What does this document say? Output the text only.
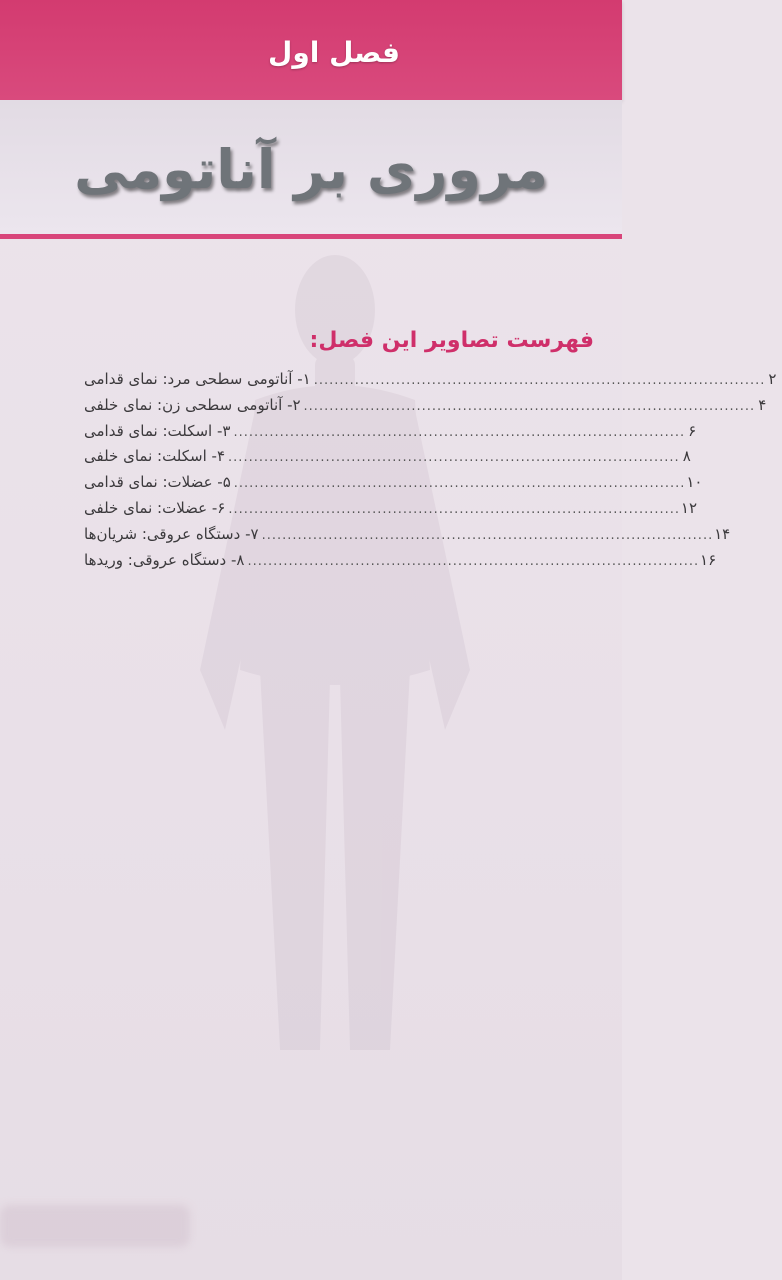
فصل اول
مروری بر آناتومی
فهرست تصاویر این فصل:
۱- آناتومی سطحی مرد: نمای قدامی ........................................................................................ ۲
۲- آناتومی سطحی زن: نمای خلفی ........................................................................................ ۴
۳- اسکلت: نمای قدامی ........................................................................................ ۶
۴- اسکلت: نمای خلفی ........................................................................................ ۸
۵- عضلات: نمای قدامی ........................................................................................ ۱۰
۶- عضلات: نمای خلفی ........................................................................................ ۱۲
۷- دستگاه عروقی: شریان‌ها ........................................................................................ ۱۴
۸- دستگاه عروقی: وریدها ........................................................................................ ۱۶
